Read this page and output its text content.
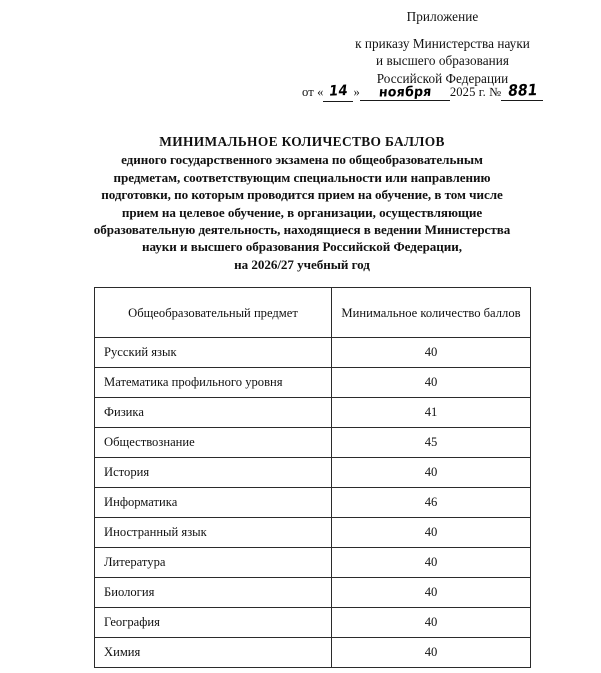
Приложение
к приказу Министерства науки
и высшего образования
Российской Федерации
от « 14 » ноября 2025 г. № 881
МИНИМАЛЬНОЕ КОЛИЧЕСТВО БАЛЛОВ
единого государственного экзамена по общеобразовательным
предметам, соответствующим специальности или направлению
подготовки, по которым проводится прием на обучение, в том числе
прием на целевое обучение, в организации, осуществляющие
образовательную деятельность, находящиеся в ведении Министерства
науки и высшего образования Российской Федерации,
на 2026/27 учебный год
Общеобразовательный предмет	Минимальное количество баллов
Русский язык	40
Математика профильного уровня	40
Физика	41
Обществознание	45
История	40
Информатика	46
Иностранный язык	40
Литература	40
Биология	40
География	40
Химия	40
